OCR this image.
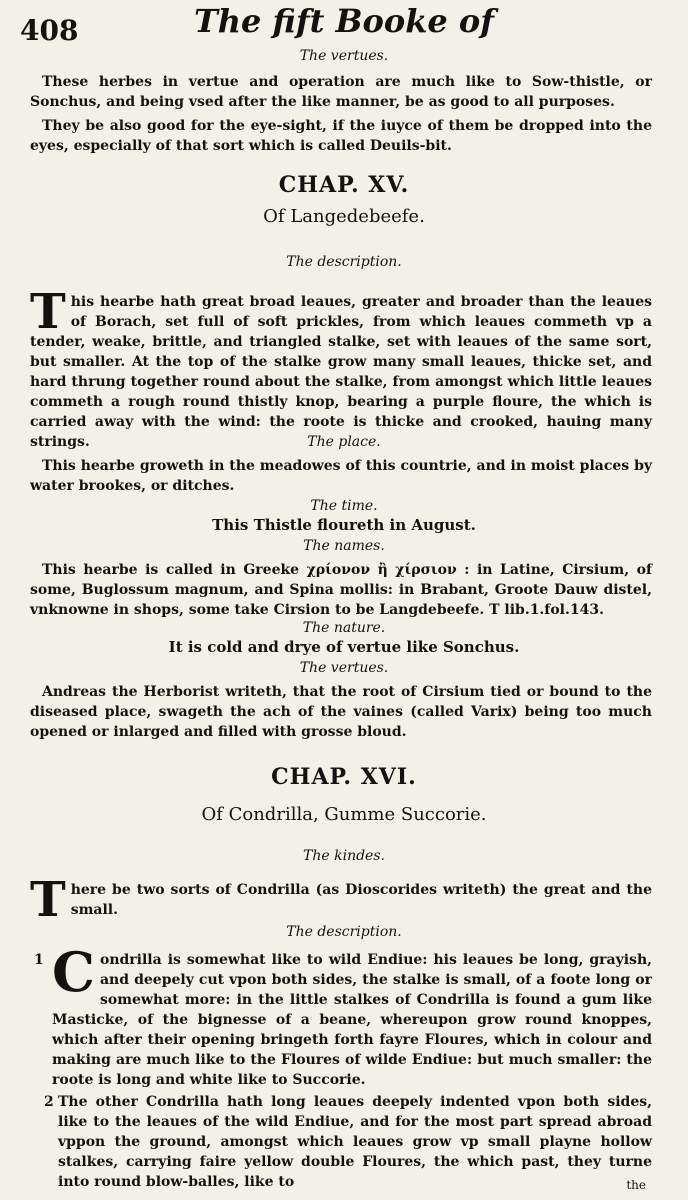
408	The fift Booke of
The vertues.

These herbes in vertue and operation are much like to Sow-thistle, or Sonchus, and being vsed after the like manner, be as good to all purposes.

They be also good for the eye-sight, if the iuyce of them be dropped into the eyes, especially of that sort which is called Deuils-bit.

CHAP. XV.
Of Langedebeefe.
The description.

This hearbe hath great broad leaues, greater and broader than the leaues of Borach, set full of soft prickles, from which leaues commeth vp a tender, weake, brittle, and triangled stalke, set with leaues of the same sort, but smaller. At the top of the stalke grow many small leaues, thicke set, and hard thrung together round about the stalke, from amongst which little leaues commeth a rough round thistly knop, bearing a purple floure, the which is carried away with the wind: the roote is thicke and crooked, hauing many strings.	The place.

This hearbe groweth in the meadowes of this countrie, and in moist places by water brookes, or ditches.

The time.
This Thistle floureth in August.
The names.

This hearbe is called in Greeke χρίονον ἢ χίρσιον : in Latine, Cirsium, of some, Buglossum magnum, and Spina mollis: in Brabant, Groote Dauw distel, vnknowne in shops, some take Cirsion to be Langdebeefe. T lib.1.fol.143.

The nature.
It is cold and drye of vertue like Sonchus.
The vertues.

Andreas the Herborist writeth, that the root of Cirsium tied or bound to the diseased place, swageth the ach of the vaines (called Varix) being too much opened or inlarged and filled with grosse bloud.

CHAP. XVI.
Of Condrilla, Gumme Succorie.
The kindes.

There be two sorts of Condrilla (as Dioscorides writeth) the great and the small.

The description.
1 Condrilla is somewhat like to wild Endiue: his leaues be long, grayish, and deepely cut vpon both sides, the stalke is small, of a foote long or somewhat more: in the little stalkes of Condrilla is found a gum like Masticke, of the bignesse of a beane, whereupon grow round knoppes, which after their opening bringeth forth fayre Floures, which in colour and making are much like to the Floures of wilde Endiue: but much smaller: the roote is long and white like to Succorie.

2 The other Condrilla hath long leaues deepely indented vpon both sides, like to the leaues of the wild Endiue, and for the most part spread abroad vppon the ground, amongst which leaues grow vp small playne hollow stalkes, carrying faire yellow double Floures, the which past, they turne into round blow-balles, like to	the
